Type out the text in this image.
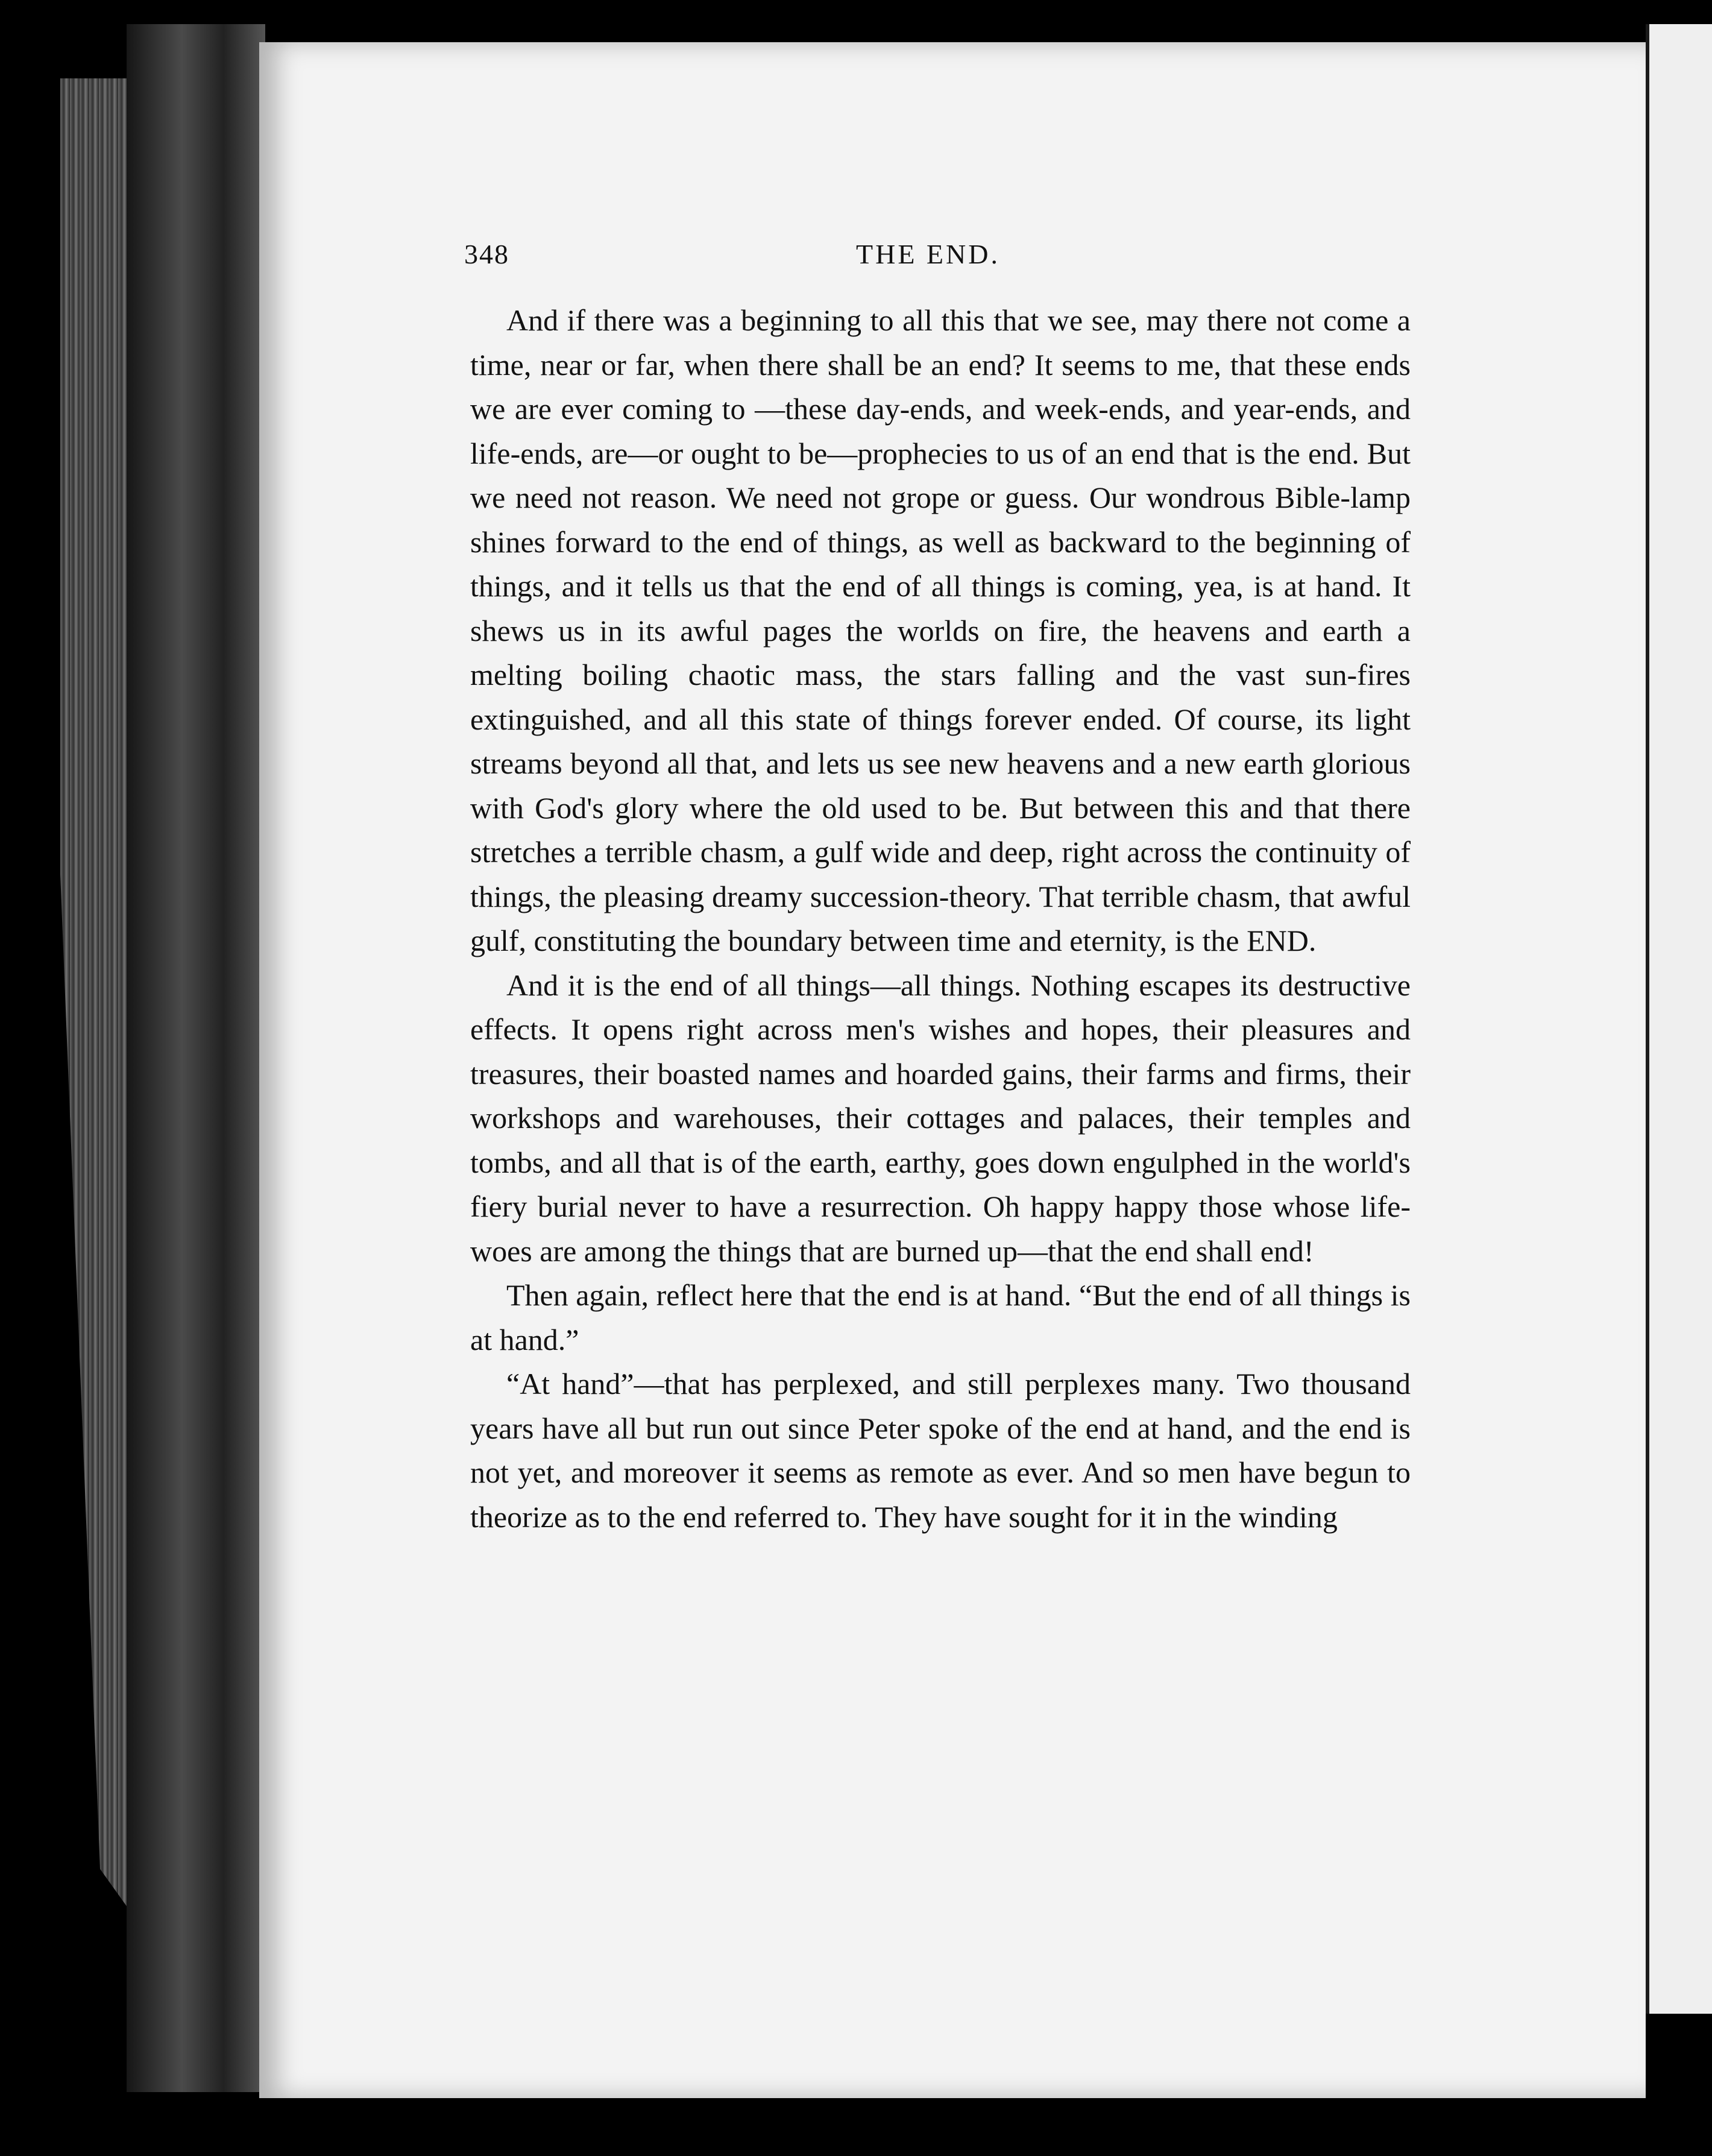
348	THE END.

And if there was a beginning to all this that we see, may there not come a time, near or far, when there shall be an end? It seems to me, that these ends we are ever coming to —these day-ends, and week-ends, and year-ends, and life-ends, are—or ought to be—prophecies to us of an end that is the end. But we need not reason. We need not grope or guess. Our wondrous Bible-lamp shines forward to the end of things, as well as backward to the beginning of things, and it tells us that the end of all things is coming, yea, is at hand. It shews us in its awful pages the worlds on fire, the heavens and earth a melting boiling chaotic mass, the stars falling and the vast sun-fires extinguished, and all this state of things forever ended. Of course, its light streams beyond all that, and lets us see new heavens and a new earth glorious with God's glory where the old used to be. But between this and that there stretches a terrible chasm, a gulf wide and deep, right across the continuity of things, the pleasing dreamy succession-theory. That terrible chasm, that awful gulf, constituting the boundary between time and eternity, is the END.

And it is the end of all things—all things. Nothing escapes its destructive effects. It opens right across men's wishes and hopes, their pleasures and treasures, their boasted names and hoarded gains, their farms and firms, their workshops and warehouses, their cottages and palaces, their temples and tombs, and all that is of the earth, earthy, goes down engulphed in the world's fiery burial never to have a resurrection. Oh happy happy those whose life-woes are among the things that are burned up—that the end shall end!

Then again, reflect here that the end is at hand. “But the end of all things is at hand.”

“At hand”—that has perplexed, and still perplexes many. Two thousand years have all but run out since Peter spoke of the end at hand, and the end is not yet, and moreover it seems as remote as ever. And so men have begun to theorize as to the end referred to. They have sought for it in the winding
